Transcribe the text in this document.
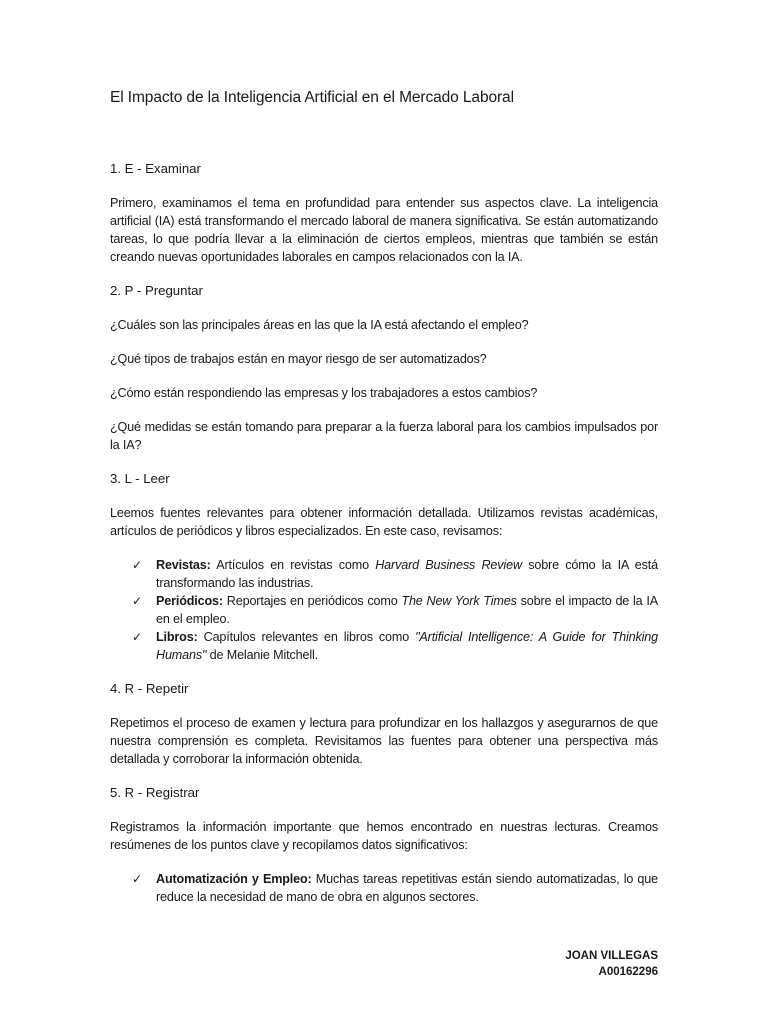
El Impacto de la Inteligencia Artificial en el Mercado Laboral
1. E - Examinar

Primero, examinamos el tema en profundidad para entender sus aspectos clave. La inteligencia artificial (IA) está transformando el mercado laboral de manera significativa. Se están automatizando tareas, lo que podría llevar a la eliminación de ciertos empleos, mientras que también se están creando nuevas oportunidades laborales en campos relacionados con la IA.

2. P - Preguntar

¿Cuáles son las principales áreas en las que la IA está afectando el empleo?

¿Qué tipos de trabajos están en mayor riesgo de ser automatizados?

¿Cómo están respondiendo las empresas y los trabajadores a estos cambios?

¿Qué medidas se están tomando para preparar a la fuerza laboral para los cambios impulsados por la IA?

3. L - Leer

Leemos fuentes relevantes para obtener información detallada. Utilizamos revistas académicas, artículos de periódicos y libros especializados. En este caso, revisamos:

✓ Revistas: Artículos en revistas como Harvard Business Review sobre cómo la IA está transformando las industrias.
✓ Periódicos: Reportajes en periódicos como The New York Times sobre el impacto de la IA en el empleo.
✓ Libros: Capítulos relevantes en libros como "Artificial Intelligence: A Guide for Thinking Humans" de Melanie Mitchell.
4. R - Repetir

Repetimos el proceso de examen y lectura para profundizar en los hallazgos y asegurarnos de que nuestra comprensión es completa. Revisitamos las fuentes para obtener una perspectiva más detallada y corroborar la información obtenida.

5. R - Registrar

Registramos la información importante que hemos encontrado en nuestras lecturas. Creamos resúmenes de los puntos clave y recopilamos datos significativos:

✓ Automatización y Empleo: Muchas tareas repetitivas están siendo automatizadas, lo que reduce la necesidad de mano de obra en algunos sectores.
JOAN VILLEGAS
A00162296
